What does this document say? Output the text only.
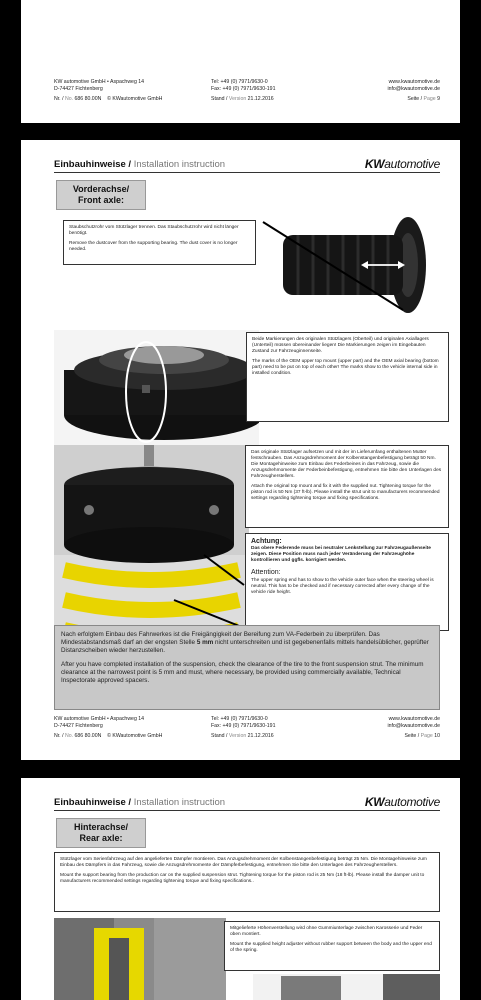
KW automotive GmbH • Aspachweg 14
D-74427 Fichtenberg
Tel: +49 (0) 7971/9630-0
Fax: +49 (0) 7971/9630-191
www.kwautomotive.de
info@kwautomotive.de
Nr. / No. 686 80.00N © KWautomotive GmbH	Stand / Version 21.12.2016	Seite / Page 9
Einbauhinweise / Installation instruction	KWautomotive
Vorderachse/
Front axle:

Staubschutzrohr vom Stützlager trennen. Das Staubschutzrohr wird nicht länger benötigt.

Remove the dustcover from the supporting bearing. The dust cover is no longer needed.

Beide Markierungen des originalen Stützlagers (Oberteil) und originalen Axiallagers (Unterteil) müssen übereinander liegen! Die Markierungen zeigen im Eingebauten Zustand zur Fahrzeuginnenseite.

The marks of the OEM upper top mount (upper part) and the OEM axial bearing (bottom part) need to be put on top of each other! The marks show to the vehicle internal side in installed condition.

Das originale Stützlager aufsetzen und mit der im Lieferumfang enthaltenen Mutter festschrauben. Das Anzugsdrehmoment der Kolbenstangenbefestigung beträgt 50 Nm. Die Montagehinweise zum Einbau des Federbeines in das Fahrzeug, sowie die Anzugsdrehmomente der Federbeinbefestigung, entnehmen Sie bitte den Unterlagen des Fahrzeugherstellers.

Attach the original top mount and fix it with the supplied nut. Tightening torque for the piston rod is 50 Nm (37 ft-lb). Please install the strut unit to manufacturers recommended settings regarding tightening torque and fixing specifications.

Achtung:

Das obere Federende muss bei neutraler Lenkstellung zur Fahrzeugaußenseite zeigen. Diese Position muss nach jeder Veränderung der Fahrzeughöhe kontrollieren und ggfls. korrigiert werden.

Attention:

The upper spring end has to show to the vehicle outer face when the steering wheel is neutral. This has to be checked and if necessary corrected after every change of the vehicle ride height.

Nach erfolgtem Einbau des Fahrwerkes ist die Freigängigkeit der Bereifung zum VA-Federbein zu überprüfen. Das Mindestabstandsmaß darf an der engsten Stelle 5 mm nicht unterschreiten und ist gegebenenfalls mittels handelsüblicher, geprüfter Distanzscheiben wieder herzustellen.

After you have completed installation of the suspension, check the clearance of the tire to the front suspension strut. The minimum clearance at the narrowest point is 5 mm and must, where necessary, be provided using commercially available, Technical Inspectorate approved spacers.

KW automotive GmbH • Aspachweg 14
D-74427 Fichtenberg
Tel: +49 (0) 7971/9630-0
Fax: +49 (0) 7971/9630-191
www.kwautomotive.de
info@kwautomotive.de
Nr. / No. 686 80.00N © KWautomotive GmbH	Stand / Version 21.12.2016	Seite / Page 10
Einbauhinweise / Installation instruction	KWautomotive
Hinterachse/
Rear axle:

Stützlager vom Serienfahrzeug auf den angelieferten Dämpfer montieren. Das Anzugsdrehmoment der Kolbenstangenbefestigung beträgt 25 Nm. Die Montagehinweise zum Einbau des Dämpfers in das Fahrzeug, sowie die Anzugsdrehmomente der Dämpferbefestigung, entnehmen Sie bitte den Unterlagen des Fahrzeugherstellers.

Mount the support bearing from the production car on the supplied suspension strut. Tightening torque for the piston rod is 25 Nm (18 ft-lb). Please install the damper unit to manufacturers recommended settings regarding tightening torque and fixing specifications..

Mitgelieferte Höhenverstellung wird ohne Gummiunterlage zwischen Karosserie und Feder oben montiert.

Mount the supplied height adjuster without rubber support between the body and the upper end of the spring.
